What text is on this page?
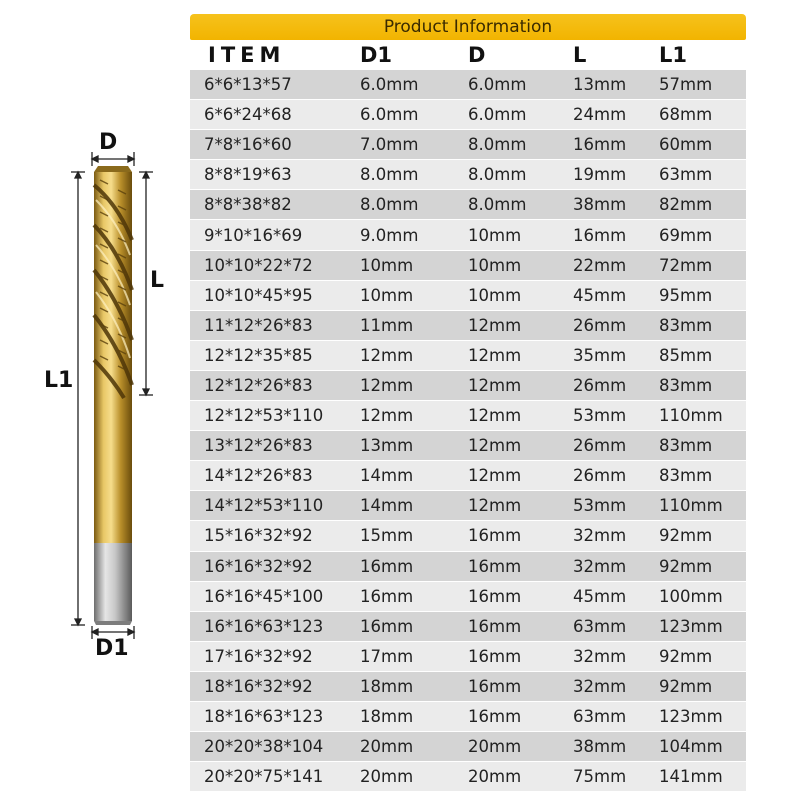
D
L
L1
D1
Product Information
ITEM	D1	D	L	L1
6*6*13*57	6.0mm	6.0mm	13mm	57mm
6*6*24*68	6.0mm	6.0mm	24mm	68mm
7*8*16*60	7.0mm	8.0mm	16mm	60mm
8*8*19*63	8.0mm	8.0mm	19mm	63mm
8*8*38*82	8.0mm	8.0mm	38mm	82mm
9*10*16*69	9.0mm	10mm	16mm	69mm
10*10*22*72	10mm	10mm	22mm	72mm
10*10*45*95	10mm	10mm	45mm	95mm
11*12*26*83	11mm	12mm	26mm	83mm
12*12*35*85	12mm	12mm	35mm	85mm
12*12*26*83	12mm	12mm	26mm	83mm
12*12*53*110	12mm	12mm	53mm	110mm
13*12*26*83	13mm	12mm	26mm	83mm
14*12*26*83	14mm	12mm	26mm	83mm
14*12*53*110	14mm	12mm	53mm	110mm
15*16*32*92	15mm	16mm	32mm	92mm
16*16*32*92	16mm	16mm	32mm	92mm
16*16*45*100	16mm	16mm	45mm	100mm
16*16*63*123	16mm	16mm	63mm	123mm
17*16*32*92	17mm	16mm	32mm	92mm
18*16*32*92	18mm	16mm	32mm	92mm
18*16*63*123	18mm	16mm	63mm	123mm
20*20*38*104	20mm	20mm	38mm	104mm
20*20*75*141	20mm	20mm	75mm	141mm
